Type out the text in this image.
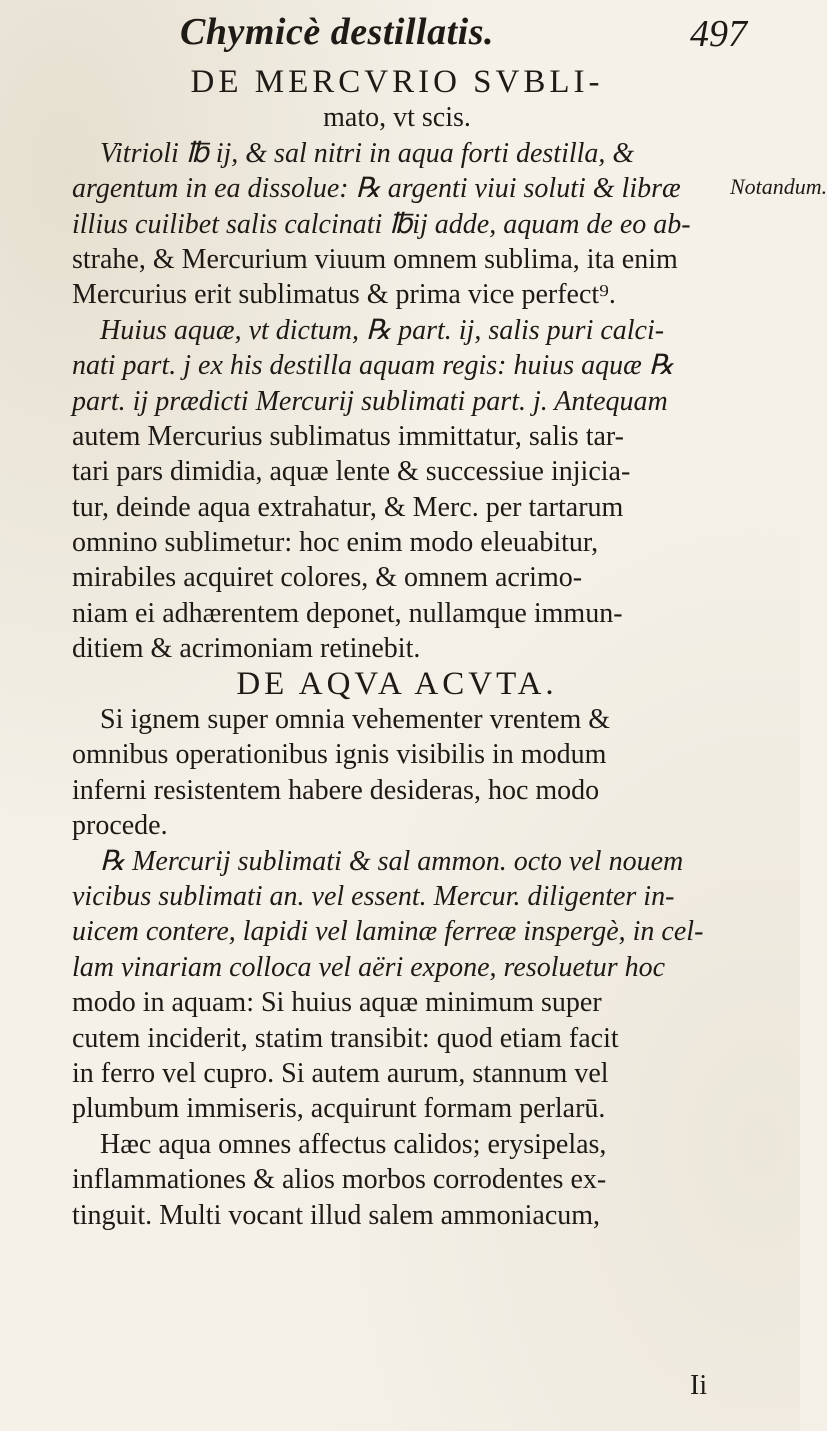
Chymicè destillatis.	497
DE MERCVRIO SVBLI-
mato, vt scis.
Vitrioli ℔ ij, & sal nitri in aqua forti destilla, &
argentum in ea dissolue: ℞ argenti viui soluti & libræ
illius cuilibet salis calcinati ℔ij adde, aquam de eo ab-
strahe, & Mercurium viuum omnem sublima, ita enim
Mercurius erit sublimatus & prima vice perfect⁹.
Huius aquæ, vt dictum, ℞ part. ij, salis puri calci-
nati part. j ex his destilla aquam regis: huius aquæ ℞
part. ij prædicti Mercurij sublimati part. j. Antequam
autem Mercurius sublimatus immittatur, salis tar-
tari pars dimidia, aquæ lente & successiue injicia-
tur, deinde aqua extrahatur, & Merc. per tartarum
omnino sublimetur: hoc enim modo eleuabitur,
mirabiles acquiret colores, & omnem acrimo-
niam ei adhærentem deponet, nullamque immun-
ditiem & acrimoniam retinebit.
DE AQVA ACVTA.
Si ignem super omnia vehementer vrentem &
omnibus operationibus ignis visibilis in modum
inferni resistentem habere desideras, hoc modo
procede.
℞ Mercurij sublimati & sal ammon. octo vel nouem
vicibus sublimati an. vel essent. Mercur. diligenter in-
uicem contere, lapidi vel laminæ ferreæ inspergè, in cel-
lam vinariam colloca vel aëri expone, resoluetur hoc
modo in aquam: Si huius aquæ minimum super
cutem inciderit, statim transibit: quod etiam facit
in ferro vel cupro. Si autem aurum, stannum vel
plumbum immiseris, acquirunt formam perlarū.
Hæc aqua omnes affectus calidos; erysipelas,
inflammationes & alios morbos corrodentes ex-
tinguit. Multi vocant illud salem ammoniacum,
Notandum.
Ii
